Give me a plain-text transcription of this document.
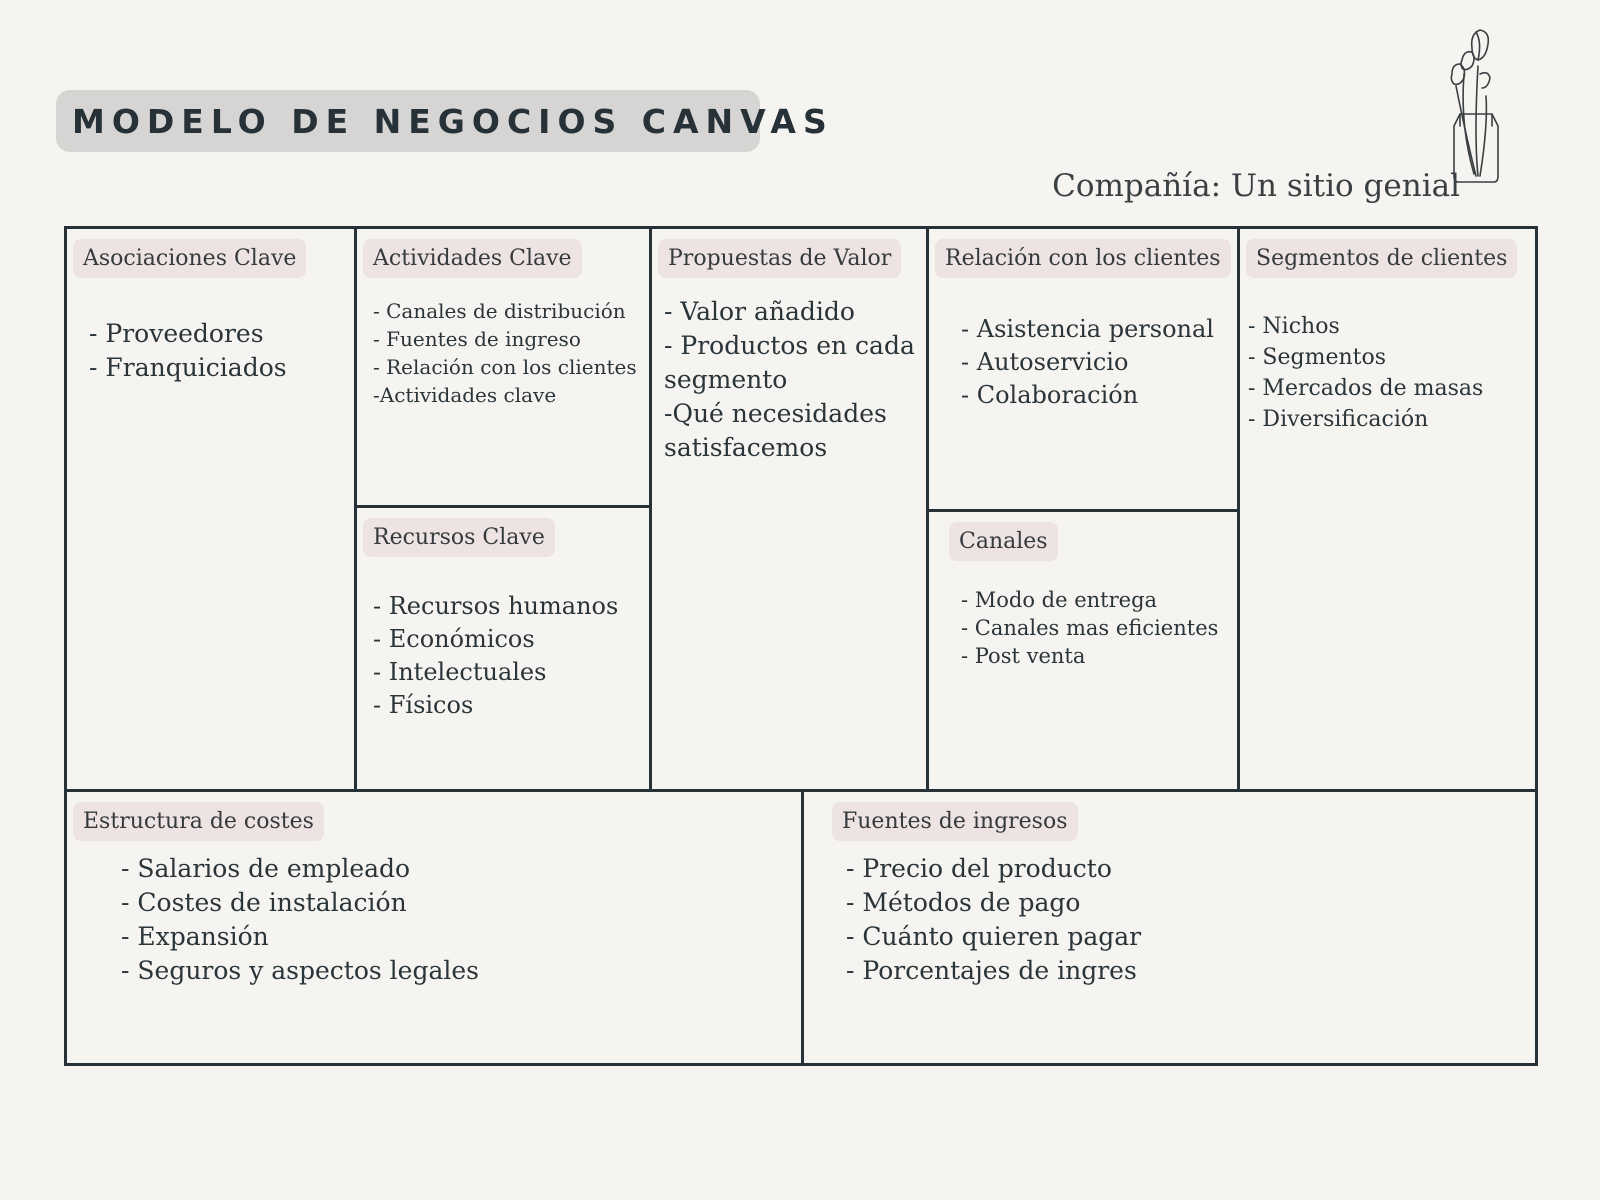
MODELO DE NEGOCIOS CANVAS
Compañía: Un sitio genial
Asociaciones Clave
- Proveedores
- Franquiciados
Actividades Clave
- Canales de distribución
- Fuentes de ingreso
- Relación con los clientes
-Actividades clave
Recursos Clave
- Recursos humanos
- Económicos
- Intelectuales
- Físicos
Propuestas de Valor
- Valor añadido
- Productos en cada
segmento
-Qué necesidades
satisfacemos
Relación con los clientes
- Asistencia personal
- Autoservicio
- Colaboración
Canales
- Modo de entrega
- Canales mas eficientes
- Post venta
Segmentos de clientes
- Nichos
- Segmentos
- Mercados de masas
- Diversificación
Estructura de costes
- Salarios de empleado
- Costes de instalación
- Expansión
- Seguros y aspectos legales
Fuentes de ingresos
- Precio del producto
- Métodos de pago
- Cuánto quieren pagar
- Porcentajes de ingres
